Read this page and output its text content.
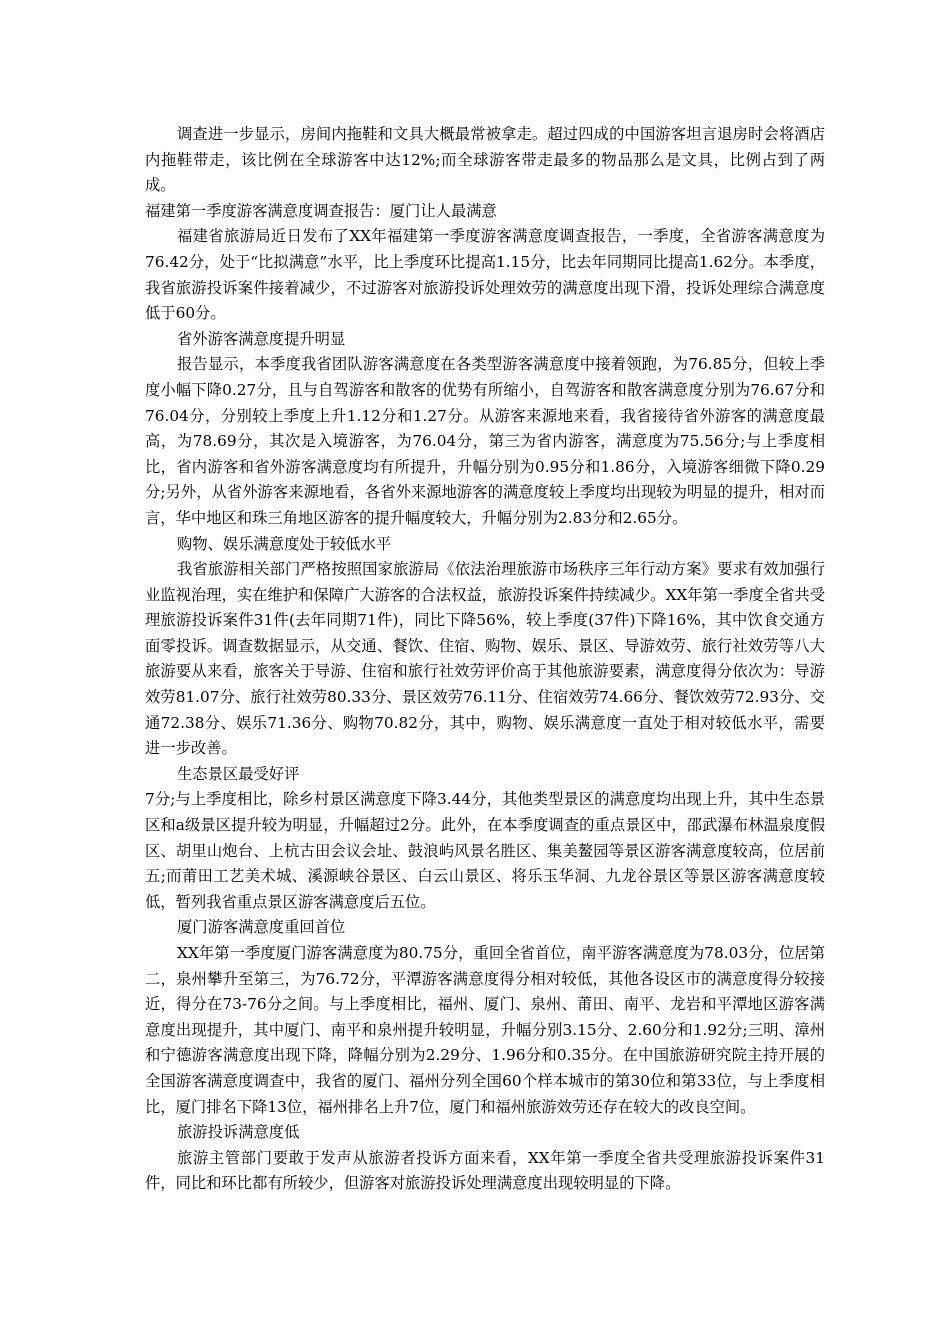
调查进一步显示，房间内拖鞋和文具大概最常被拿走。超过四成的中国游客坦言退房时会将酒店内拖鞋带走，该比例在全球游客中达12%;而全球游客带走最多的物品那么是文具，比例占到了两成。

福建第一季度游客满意度调查报告：厦门让人最满意

福建省旅游局近日发布了XX年福建第一季度游客满意度调查报告，一季度，全省游客满意度为76.42分，处于“比拟满意”水平，比上季度环比提高1.15分，比去年同期同比提高1.62分。本季度，我省旅游投诉案件接着减少，不过游客对旅游投诉处理效劳的满意度出现下滑，投诉处理综合满意度低于60分。

省外游客满意度提升明显

报告显示，本季度我省团队游客满意度在各类型游客满意度中接着领跑，为76.85分，但较上季度小幅下降0.27分，且与自驾游客和散客的优势有所缩小，自驾游客和散客满意度分别为76.67分和76.04分，分别较上季度上升1.12分和1.27分。从游客来源地来看，我省接待省外游客的满意度最高，为78.69分，其次是入境游客，为76.04分，第三为省内游客，满意度为75.56分;与上季度相比，省内游客和省外游客满意度均有所提升，升幅分别为0.95分和1.86分，入境游客细微下降0.29分;另外，从省外游客来源地看，各省外来源地游客的满意度较上季度均出现较为明显的提升，相对而言，华中地区和珠三角地区游客的提升幅度较大，升幅分别为2.83分和2.65分。

购物、娱乐满意度处于较低水平

我省旅游相关部门严格按照国家旅游局《依法治理旅游市场秩序三年行动方案》要求有效加强行业监视治理，实在维护和保障广大游客的合法权益，旅游投诉案件持续减少。XX年第一季度全省共受理旅游投诉案件31件(去年同期71件)，同比下降56%，较上季度(37件)下降16%，其中饮食交通方面零投诉。调查数据显示，从交通、餐饮、住宿、购物、娱乐、景区、导游效劳、旅行社效劳等八大旅游要从来看，旅客关于导游、住宿和旅行社效劳评价高于其他旅游要素，满意度得分依次为：导游效劳81.07分、旅行社效劳80.33分、景区效劳76.11分、住宿效劳74.66分、餐饮效劳72.93分、交通72.38分、娱乐71.36分、购物70.82分，其中，购物、娱乐满意度一直处于相对较低水平，需要进一步改善。

生态景区最受好评

7分;与上季度相比，除乡村景区满意度下降3.44分，其他类型景区的满意度均出现上升，其中生态景区和a级景区提升较为明显，升幅超过2分。此外，在本季度调查的重点景区中，邵武瀑布林温泉度假区、胡里山炮台、上杭古田会议会址、鼓浪屿风景名胜区、集美鳌园等景区游客满意度较高，位居前五;而莆田工艺美术城、溪源峡谷景区、白云山景区、将乐玉华洞、九龙谷景区等景区游客满意度较低，暂列我省重点景区游客满意度后五位。

厦门游客满意度重回首位

XX年第一季度厦门游客满意度为80.75分，重回全省首位，南平游客满意度为78.03分，位居第二，泉州攀升至第三，为76.72分，平潭游客满意度得分相对较低，其他各设区市的满意度得分较接近，得分在73-76分之间。与上季度相比，福州、厦门、泉州、莆田、南平、龙岩和平潭地区游客满意度出现提升，其中厦门、南平和泉州提升较明显，升幅分别3.15分、2.60分和1.92分;三明、漳州和宁德游客满意度出现下降，降幅分别为2.29分、1.96分和0.35分。在中国旅游研究院主持开展的全国游客满意度调查中，我省的厦门、福州分列全国60个样本城市的第30位和第33位，与上季度相比，厦门排名下降13位，福州排名上升7位，厦门和福州旅游效劳还存在较大的改良空间。

旅游投诉满意度低

旅游主管部门要敢于发声从旅游者投诉方面来看，XX年第一季度全省共受理旅游投诉案件31件，同比和环比都有所较少，但游客对旅游投诉处理满意度出现较明显的下降。
